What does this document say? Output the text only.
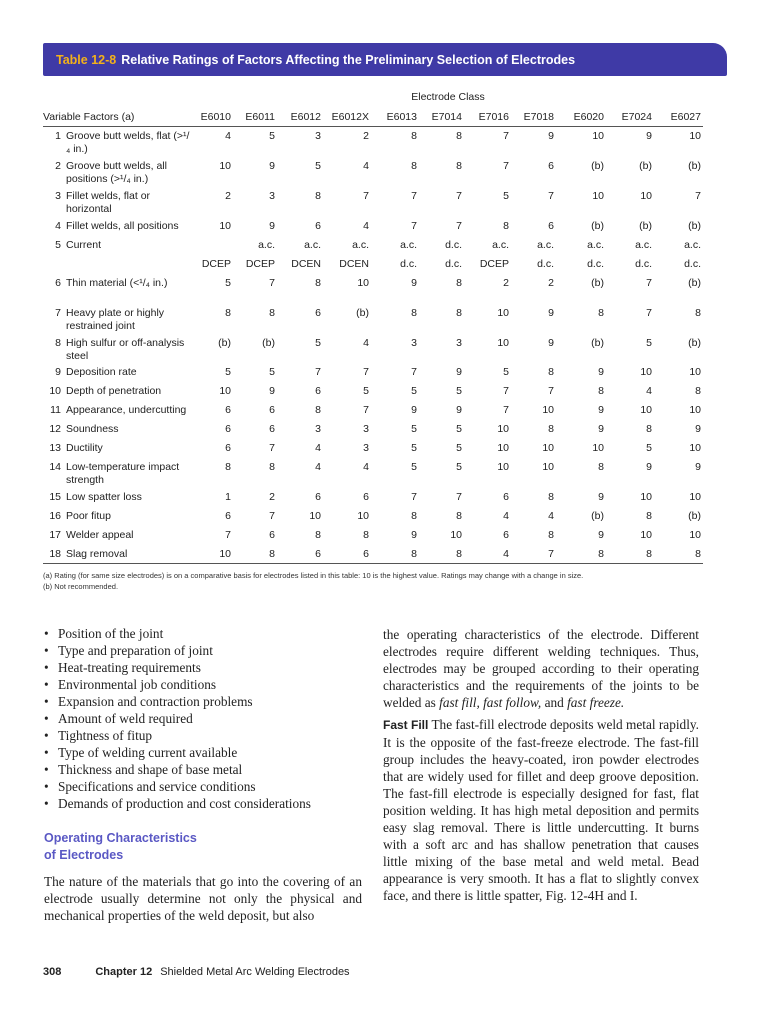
Table 12-8 Relative Ratings of Factors Affecting the Preliminary Selection of Electrodes
	Electrode Class										
Variable Factors (a)	E6010	E6011	E6012	E6012X	E6013	E7014	E7016	E7018	E6020	E7024	E6027

1 Groove butt welds, flat (>¹/₄ in.)	4	5	3	2	8	8	7	9	10	9	10

2 Groove butt welds, all positions (>¹/₄ in.)	10	9	5	4	8	8	7	6	(b)	(b)	(b)

3 Fillet welds, flat or horizontal	2	3	8	7	7	7	5	7	10	10	7

4 Fillet welds, all positions	10	9	6	4	7	7	8	6	(b)	(b)	(b)

5 Current		a.c.	a.c.	a.c.	a.c.	d.c.	a.c.	a.c.	a.c.	a.c.	a.c.

	DCEP	DCEP	DCEN	DCEN	d.c.	d.c.	DCEP	d.c.	d.c.	d.c.	d.c.

6 Thin material (<¹/₄ in.)	5	7	8	10	9	8	2	2	(b)	7	(b)

7 Heavy plate or highly restrained joint	8	8	6	(b)	8	8	10	9	8	7	8

8 High sulfur or off-analysis steel	(b)	(b)	5	4	3	3	10	9	(b)	5	(b)

9 Deposition rate	5	5	7	7	7	9	5	8	9	10	10

10 Depth of penetration	10	9	6	5	5	5	7	7	8	4	8

11 Appearance, undercutting	6	6	8	7	9	9	7	10	9	10	10

12 Soundness	6	6	3	3	5	5	10	8	9	8	9

13 Ductility	6	7	4	3	5	5	10	10	10	5	10

14 Low-temperature impact strength	8	8	4	4	5	5	10	10	8	9	9

15 Low spatter loss	1	2	6	6	7	7	6	8	9	10	10

16 Poor fitup	6	7	10	10	8	8	4	4	(b)	8	(b)

17 Welder appeal	7	6	8	8	9	10	6	8	9	10	10

18 Slag removal	10	8	6	6	8	8	4	7	8	8	8
(a) Rating (for same size electrodes) is on a comparative basis for electrodes listed in this table: 10 is the highest value. Ratings may change with a change in size.
(b) Not recommended.
• Position of the joint
• Type and preparation of joint
• Heat-treating requirements
• Environmental job conditions
• Expansion and contraction problems
• Amount of weld required
• Tightness of fitup
• Type of welding current available
• Thickness and shape of base metal
• Specifications and service conditions
• Demands of production and cost considerations
Operating Characteristics
of Electrodes

The nature of the materials that go into the covering of an electrode usually determine not only the physical and mechanical properties of the weld deposit, but also

the operating characteristics of the electrode. Different electrodes require different welding techniques. Thus, electrodes may be grouped according to their operating characteristics and the requirements of the joints to be welded as fast fill, fast follow, and fast freeze.

Fast Fill The fast-fill electrode deposits weld metal rapidly. It is the opposite of the fast-freeze electrode. The fast-fill group includes the heavy-coated, iron powder electrodes that are widely used for fillet and deep groove deposition. The fast-fill electrode is especially designed for fast, flat position welding. It has high metal deposition and permits easy slag removal. There is little undercutting. It burns with a soft arc and has shallow penetration that causes little mixing of the base metal and weld metal. Bead appearance is very smooth. It has a flat to slightly convex face, and there is little spatter, Fig. 12-4H and I.

308	Chapter 12 Shielded Metal Arc Welding Electrodes
